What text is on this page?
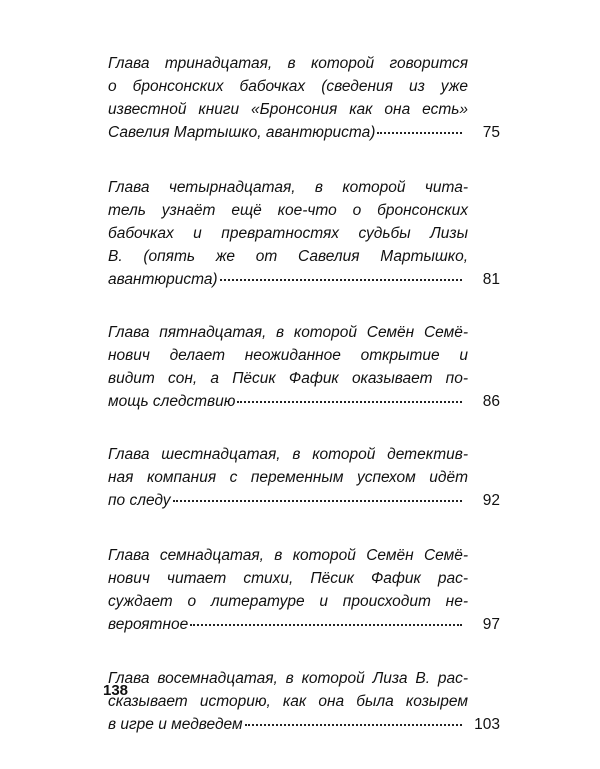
Глава тринадцатая, в которой говорится
о бронсонских бабочках (сведения из уже
известной книги «Бронсония как она есть»
Савелия Мартышко, авантюриста)	75
Глава четырнадцатая, в которой чита-
тель узнаёт ещё кое-что о бронсонских
бабочках и превратностях судьбы Лизы
В. (опять же от Савелия Мартышко,
авантюриста)	81
Глава пятнадцатая, в которой Семён Семё-
нович делает неожиданное открытие и
видит сон, а Пёсик Фафик оказывает по-
мощь следствию	86
Глава шестнадцатая, в которой детектив-
ная компания с переменным успехом идёт
по следу	92
Глава семнадцатая, в которой Семён Семё-
нович читает стихи, Пёсик Фафик рас-
суждает о литературе и происходит не-
вероятное	97
Глава восемнадцатая, в которой Лиза В. рас-
сказывает историю, как она была козырем
в игре и медведем	103
138
